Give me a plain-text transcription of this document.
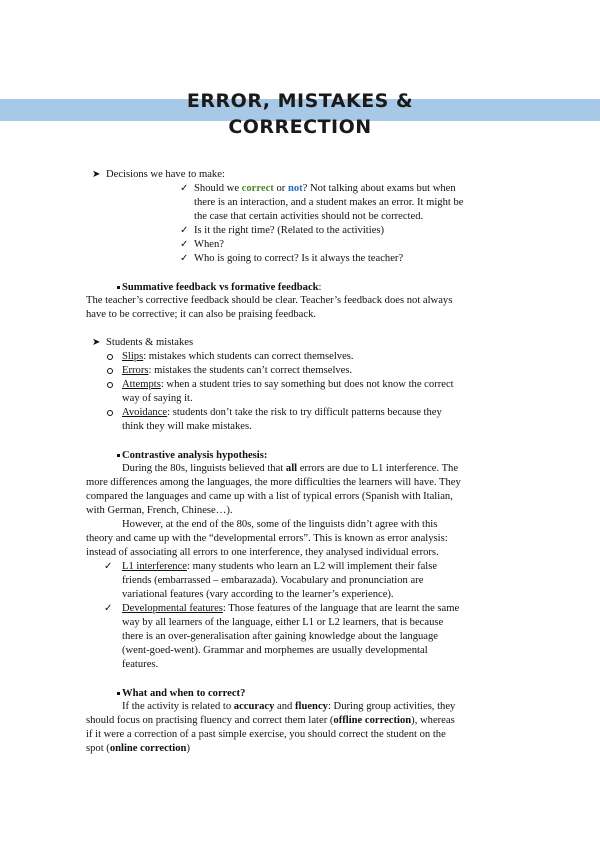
ERROR, MISTAKES &
CORRECTION
➤ Decisions we have to make:
✓ Should we correct or not? Not talking about exams but when
there is an interaction, and a student makes an error. It might be
the case that certain activities should not be corrected.
✓ Is it the right time? (Related to the activities)
✓ When?
✓ Who is going to correct? Is it always the teacher?
Summative feedback vs formative feedback:
The teacher’s corrective feedback should be clear. Teacher’s feedback does not always
have to be corrective; it can also be praising feedback.
➤ Students & mistakes
Slips: mistakes which students can correct themselves.
Errors: mistakes the students can’t correct themselves.
Attempts: when a student tries to say something but does not know the correct
way of saying it.
Avoidance: students don’t take the risk to try difficult patterns because they
think they will make mistakes.
Contrastive analysis hypothesis:
During the 80s, linguists believed that all errors are due to L1 interference. The
more differences among the languages, the more difficulties the learners will have. They
compared the languages and came up with a list of typical errors (Spanish with Italian,
with German, French, Chinese…).
However, at the end of the 80s, some of the linguists didn’t agree with this
theory and came up with the “developmental errors”. This is known as error analysis:
instead of associating all errors to one interference, they analysed individual errors.
✓ L1 interference: many students who learn an L2 will implement their false
friends (embarrassed – embarazada). Vocabulary and pronunciation are
variational features (vary according to the learner’s experience).
✓ Developmental features: Those features of the language that are learnt the same
way by all learners of the language, either L1 or L2 learners, that is because
there is an over-generalisation after gaining knowledge about the language
(went-goed-went). Grammar and morphemes are usually developmental
features.
What and when to correct?
If the activity is related to accuracy and fluency: During group activities, they
should focus on practising fluency and correct them later (offline correction), whereas
if it were a correction of a past simple exercise, you should correct the student on the
spot (online correction)
